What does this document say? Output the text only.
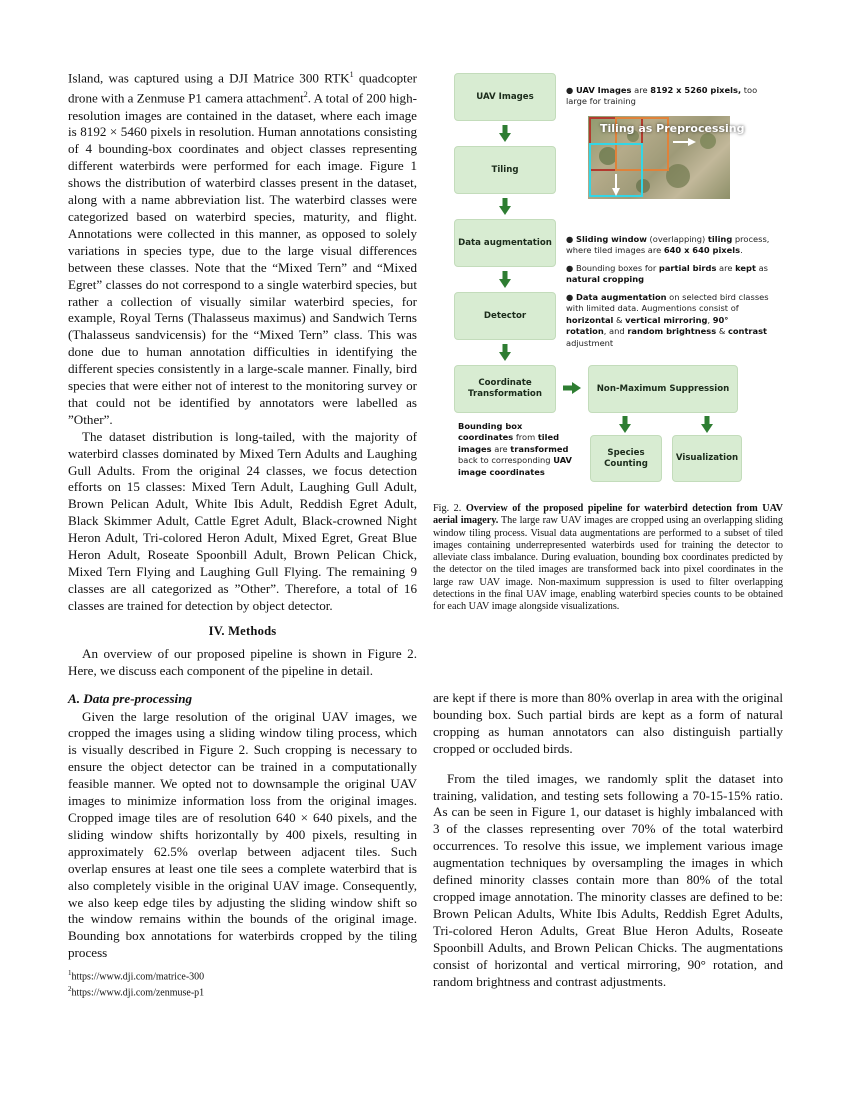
Island, was captured using a DJI Matrice 300 RTK$^1$ quadcopter drone with a Zenmuse P1 camera attachment$^2$. A total of 200 high-resolution images are contained in the dataset, where each image is 8192 × 5460 pixels in resolution. Human annotations consisting of 4 bounding-box coordinates and object classes representing different waterbirds were performed for each image. Figure 1 shows the distribution of waterbird classes present in the dataset, along with a name abbreviation list. The waterbird classes were categorized based on waterbird species, maturity, and flight. Annotations were collected in this manner, as opposed to solely variations in species type, due to the large visual differences between these classes. Note that the “Mixed Tern” and “Mixed Egret” classes do not correspond to a single waterbird species, but rather a collection of visually similar waterbird species, for example, Royal Terns (Thalasseus maximus) and Sandwich Terns (Thalasseus sandvicensis) for the “Mixed Tern” class. This was done due to human annotation difficulties in identifying the different species consistently in a large-scale manner. Finally, bird species that were either not of interest to the monitoring survey or that could not be identified by annotators were labelled as ”Other”.

The dataset distribution is long-tailed, with the majority of waterbird classes dominated by Mixed Tern Adults and Laughing Gull Adults. From the original 24 classes, we focus detection efforts on 15 classes: Mixed Tern Adult, Laughing Gull Adult, Brown Pelican Adult, White Ibis Adult, Reddish Egret Adult, Black Skimmer Adult, Cattle Egret Adult, Black-crowned Night Heron Adult, Tri-colored Heron Adult, Mixed Egret, Great Blue Heron Adult, Roseate Spoonbill Adult, Brown Pelican Chick, Mixed Tern Flying and Laughing Gull Flying. The remaining 9 classes are all categorized as ”Other”. Therefore, a total of 16 classes are trained for detection by object detector.

IV. Methods

An overview of our proposed pipeline is shown in Figure 2. Here, we discuss each component of the pipeline in detail.

A. Data pre-processing

Given the large resolution of the original UAV images, we cropped the images using a sliding window tiling process, which is visually described in Figure 2. Such cropping is necessary to ensure the object detector can be trained in a computationally feasible manner. We opted not to downsample the original UAV images to minimize information loss from the original images. Cropped image tiles are of resolution 640 × 640 pixels, and the sliding window shifts horizontally by 400 pixels, resulting in approximately 62.5% overlap between adjacent tiles. Such overlap ensures at least one tile sees a complete waterbird that is also completely visible in the original UAV image. Consequently, we also keep edge tiles by adjusting the sliding window shift so the window remains within the bounds of the original image. Bounding box annotations for waterbirds cropped by the tiling process

$^1$https://www.dji.com/matrice-300
$^2$https://www.dji.com/zenmuse-p1
UAV Images
Tiling
Data augmentation
Detector
Coordinate Transformation
Non-Maximum Suppression
Species Counting
Visualization
● UAV Images are 8192 x 5260 pixels, too large for training
Tiling as Preprocessing
● Sliding window (overlapping) tiling process, where tiled images are 640 x 640 pixels.
● Bounding boxes for partial birds are kept as natural cropping
● Data augmentation on selected bird classes with limited data. Augmentions consist of horizontal & vertical mirroring, 90° rotation, and random brightness & contrast adjustment
Bounding box coordinates from tiled images are transformed back to corresponding UAV image coordinates
Fig. 2. Overview of the proposed pipeline for waterbird detection from UAV aerial imagery. The large raw UAV images are cropped using an overlapping sliding window tiling process. Visual data augmentations are performed to a subset of tiled images containing underrepresented waterbirds used for training the detector to alleviate class imbalance. During evaluation, bounding box coordinates predicted by the detector on the tiled images are transformed back into pixel coordinates in the large raw UAV image. Non-maximum suppression is used to filter overlapping detections in the final UAV image, enabling waterbird species counts to be obtained for each UAV image alongside visualizations.

are kept if there is more than 80% overlap in area with the original bounding box. Such partial birds are kept as a form of natural cropping as human annotators can also distinguish partially cropped or occluded birds.

From the tiled images, we randomly split the dataset into training, validation, and testing sets following a 70-15-15% ratio. As can be seen in Figure 1, our dataset is highly imbalanced with 3 of the classes representing over 70% of the total waterbird occurrences. To resolve this issue, we implement various image augmentation techniques by oversampling the images in which defined minority classes contain more than 80% of the total cropped image annotation. The minority classes are defined to be: Brown Pelican Adults, White Ibis Adults, Reddish Egret Adults, Tri-colored Heron Adults, Great Blue Heron Adults, Roseate Spoonbill Adults, and Brown Pelican Chicks. The augmentations consist of horizontal and vertical mirroring, 90° rotation, and random brightness and contrast adjustments.
